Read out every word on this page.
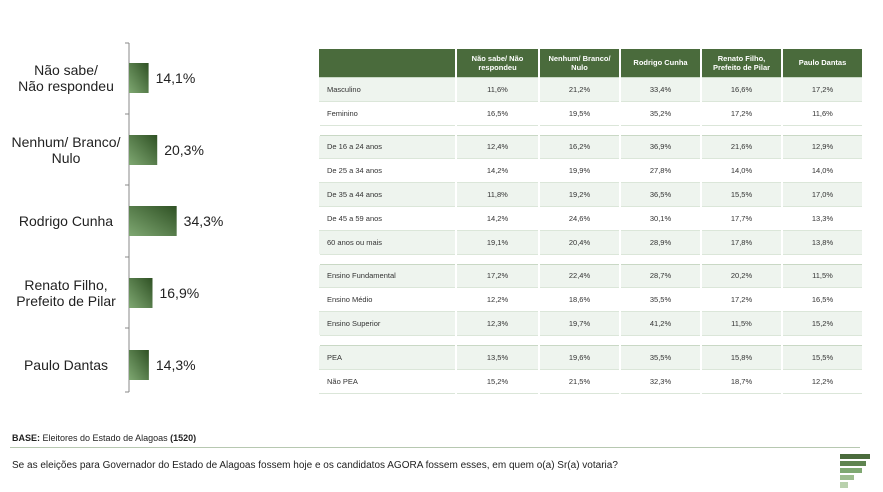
14,1%
Não sabe/ Não respondeu
20,3%
Nenhum/ Branco/ Nulo
34,3%
Rodrigo Cunha
16,9%
Renato Filho, Prefeito de Pilar
14,3%
Paulo Dantas
	Não sabe/ Não respondeu	Nenhum/ Branco/ Nulo	Rodrigo Cunha	Renato Filho, Prefeito de Pilar	Paulo Dantas
Masculino	11,6%	21,2%	33,4%	16,6%	17,2%
Feminino	16,5%	19,5%	35,2%	17,2%	11,6%

De 16 a 24 anos	12,4%	16,2%	36,9%	21,6%	12,9%
De 25 a 34 anos	14,2%	19,9%	27,8%	14,0%	14,0%
De 35 a 44 anos	11,8%	19,2%	36,5%	15,5%	17,0%
De 45 a 59 anos	14,2%	24,6%	30,1%	17,7%	13,3%
60 anos ou mais	19,1%	20,4%	28,9%	17,8%	13,8%

Ensino Fundamental	17,2%	22,4%	28,7%	20,2%	11,5%
Ensino Médio	12,2%	18,6%	35,5%	17,2%	16,5%
Ensino Superior	12,3%	19,7%	41,2%	11,5%	15,2%

PEA	13,5%	19,6%	35,5%	15,8%	15,5%
Não PEA	15,2%	21,5%	32,3%	18,7%	12,2%
BASE: Eleitores do Estado de Alagoas (1520)
Se as eleições para Governador do Estado de Alagoas fossem hoje e os candidatos AGORA fossem esses, em quem o(a) Sr(a) votaria?
